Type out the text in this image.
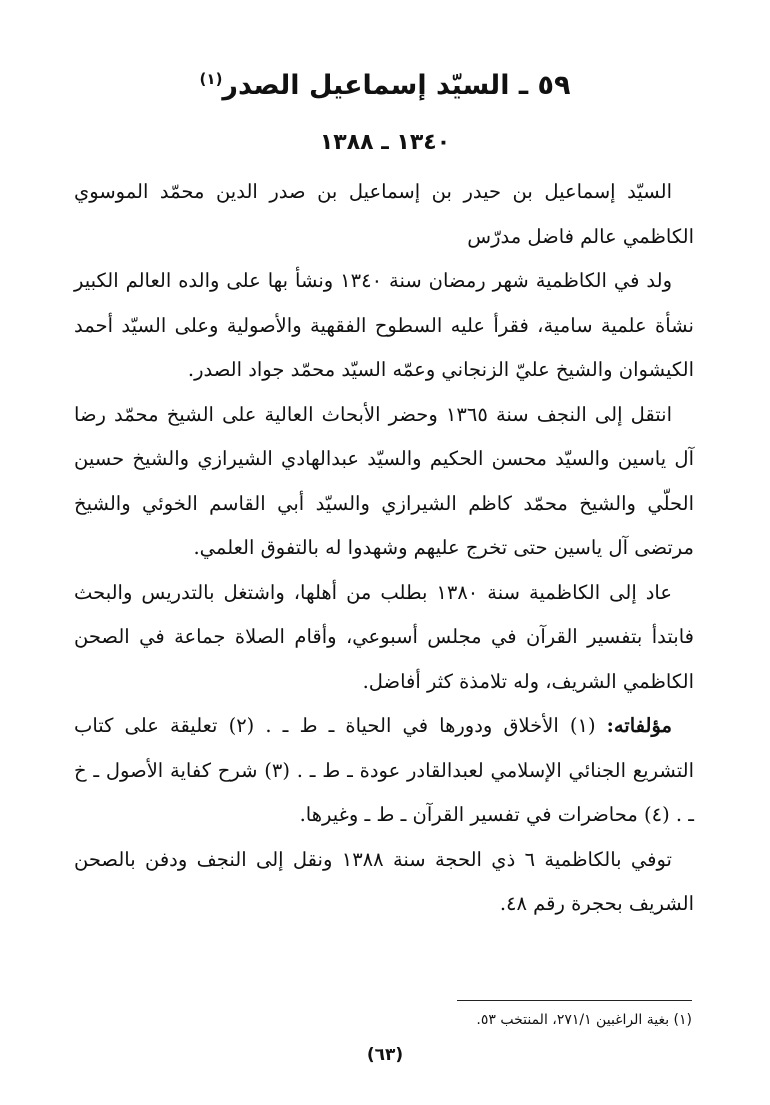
٥٩ ـ السيّد إسماعيل الصدر$^{(١)}$
١٣٤٠ ـ ١٣٨٨

السيّد إسماعيل بن حيدر بن إسماعيل بن صدر الدين محمّد الموسوي الكاظمي عالم فاضل مدرّس

ولد في الكاظمية شهر رمضان سنة ١٣٤٠ ونشأ بها على والده العالم الكبير نشأة علمية سامية، فقرأ عليه السطوح الفقهية والأصولية وعلى السيّد أحمد الكيشوان والشيخ عليّ الزنجاني وعمّه السيّد محمّد جواد الصدر.

انتقل إلى النجف سنة ١٣٦٥ وحضر الأبحاث العالية على الشيخ محمّد رضا آل ياسين والسيّد محسن الحكيم والسيّد عبدالهادي الشيرازي والشيخ حسين الحلّي والشيخ محمّد كاظم الشيرازي والسيّد أبي القاسم الخوئي والشيخ مرتضى آل ياسين حتى تخرج عليهم وشهدوا له بالتفوق العلمي.

عاد إلى الكاظمية سنة ١٣٨٠ بطلب من أهلها، واشتغل بالتدريس والبحث فابتدأ بتفسير القرآن في مجلس أسبوعي، وأقام الصلاة جماعة في الصحن الكاظمي الشريف، وله تلامذة كثر أفاضل.

مؤلفاته: (١) الأخلاق ودورها في الحياة ـ ط ـ . (٢) تعليقة على كتاب التشريع الجنائي الإسلامي لعبدالقادر عودة ـ ط ـ . (٣) شرح كفاية الأصول ـ خ ـ . (٤) محاضرات في تفسير القرآن ـ ط ـ وغيرها.

توفي بالكاظمية ٦ ذي الحجة سنة ١٣٨٨ ونقل إلى النجف ودفن بالصحن الشريف بحجرة رقم ٤٨.

(١) بغية الراغبين ٢٧١/١، المنتخب ٥٣.
(٦٣)
